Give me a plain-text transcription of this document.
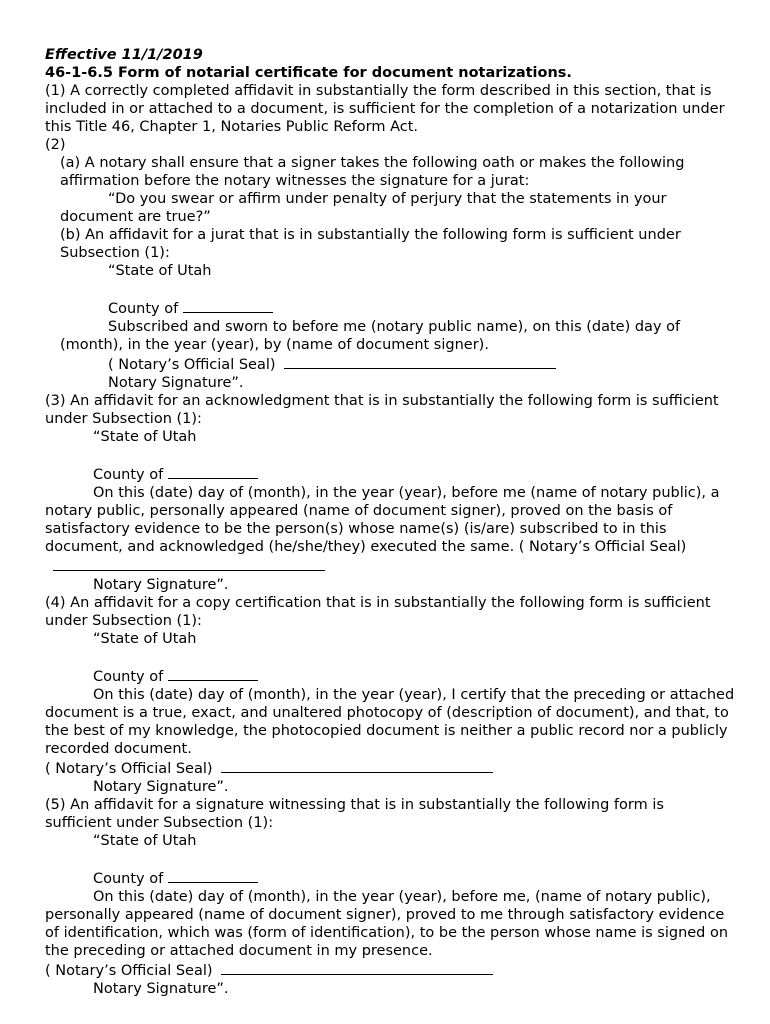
Effective 11/1/2019

46-1-6.5 Form of notarial certificate for document notarizations.

(1) A correctly completed affidavit in substantially the form described in this section, that is included in or attached to a document, is sufficient for the completion of a notarization under this Title 46, Chapter 1, Notaries Public Reform Act.

(2)

(a) A notary shall ensure that a signer takes the following oath or makes the following affirmation before the notary witnesses the signature for a jurat:

“Do you swear or affirm under penalty of perjury that the statements in your document are true?”

(b) An affidavit for a jurat that is in substantially the following form is sufficient under Subsection (1):

“State of Utah

County of

Subscribed and sworn to before me (notary public name), on this (date) day of (month), in the year (year), by (name of document signer).

( Notary’s Official Seal)

Notary Signature”.

(3) An affidavit for an acknowledgment that is in substantially the following form is sufficient under Subsection (1):

“State of Utah

County of

On this (date) day of (month), in the year (year), before me (name of notary public), a notary public, personally appeared (name of document signer), proved on the basis of satisfactory evidence to be the person(s) whose name(s) (is/are) subscribed to in this document, and acknowledged (he/she/they) executed the same. ( Notary’s Official Seal)

Notary Signature”.

(4) An affidavit for a copy certification that is in substantially the following form is sufficient under Subsection (1):

“State of Utah

County of

On this (date) day of (month), in the year (year), I certify that the preceding or attached document is a true, exact, and unaltered photocopy of (description of document), and that, to the best of my knowledge, the photocopied document is neither a public record nor a publicly recorded document.

( Notary’s Official Seal)

Notary Signature”.

(5) An affidavit for a signature witnessing that is in substantially the following form is sufficient under Subsection (1):

“State of Utah

County of

On this (date) day of (month), in the year (year), before me, (name of notary public), personally appeared (name of document signer), proved to me through satisfactory evidence of identification, which was (form of identification), to be the person whose name is signed on the preceding or attached document in my presence.

( Notary’s Official Seal)

Notary Signature”.
